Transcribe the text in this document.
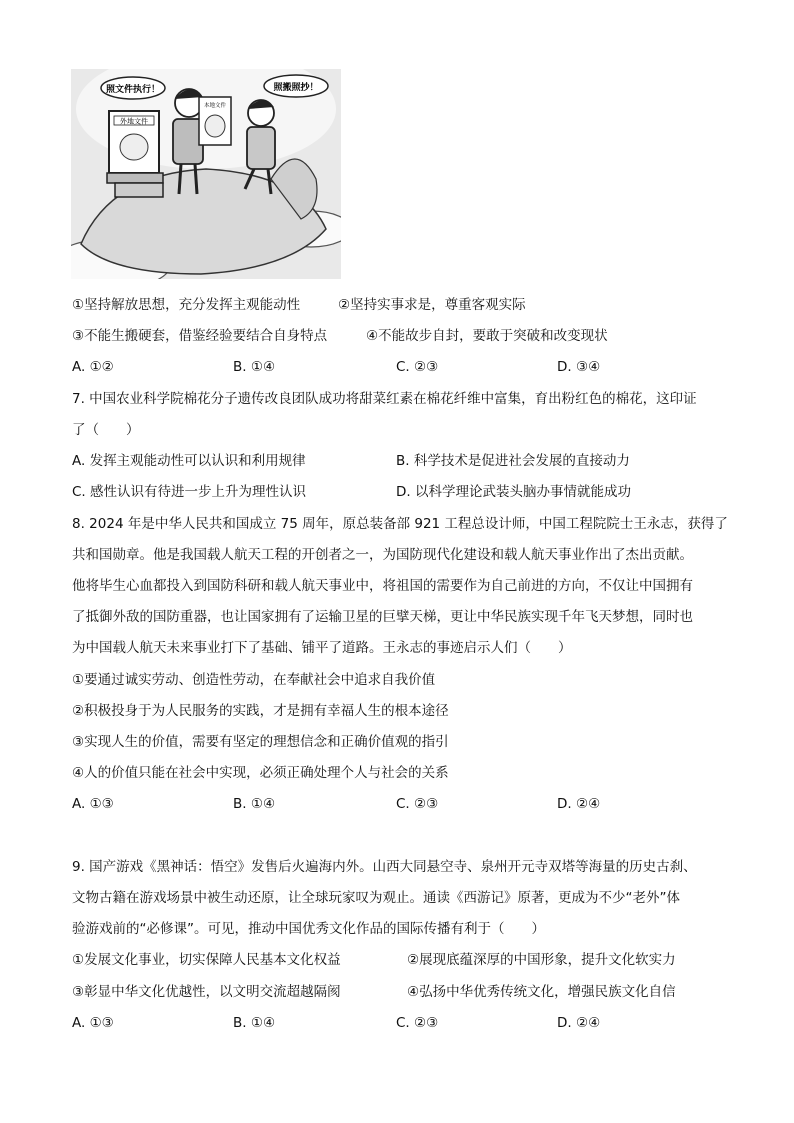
外地文件
本地文件
照文件执行！	照搬照抄！
①坚持解放思想，充分发挥主观能动性	②坚持实事求是，尊重客观实际
③不能生搬硬套，借鉴经验要结合自身特点	④不能故步自封，要敢于突破和改变现状
A. ①②	B. ①④	C. ②③	D. ③④
7. 中国农业科学院棉花分子遗传改良团队成功将甜菜红素在棉花纤维中富集，育出粉红色的棉花，这印证
了（　　）
A. 发挥主观能动性可以认识和利用规律	B. 科学技术是促进社会发展的直接动力
C. 感性认识有待进一步上升为理性认识	D. 以科学理论武装头脑办事情就能成功
8. 2024 年是中华人民共和国成立 75 周年，原总装备部 921 工程总设计师，中国工程院院士王永志，获得了
共和国勋章。他是我国载人航天工程的开创者之一，为国防现代化建设和载人航天事业作出了杰出贡献。
他将毕生心血都投入到国防科研和载人航天事业中，将祖国的需要作为自己前进的方向，不仅让中国拥有
了抵御外敌的国防重器，也让国家拥有了运输卫星的巨擘天梯，更让中华民族实现千年飞天梦想，同时也
为中国载人航天未来事业打下了基础、铺平了道路。王永志的事迹启示人们（　　）
①要通过诚实劳动、创造性劳动，在奉献社会中追求自我价值
②积极投身于为人民服务的实践，才是拥有幸福人生的根本途径
③实现人生的价值，需要有坚定的理想信念和正确价值观的指引
④人的价值只能在社会中实现，必须正确处理个人与社会的关系
A. ①③	B. ①④	C. ②③	D. ②④
9. 国产游戏《黑神话：悟空》发售后火遍海内外。山西大同悬空寺、泉州开元寺双塔等海量的历史古刹、
文物古籍在游戏场景中被生动还原，让全球玩家叹为观止。通读《西游记》原著，更成为不少“老外”体
验游戏前的“必修课”。可见，推动中国优秀文化作品的国际传播有利于（　　）
①发展文化事业，切实保障人民基本文化权益	②展现底蕴深厚的中国形象，提升文化软实力
③彰显中华文化优越性，以文明交流超越隔阂	④弘扬中华优秀传统文化，增强民族文化自信
A. ①③	B. ①④	C. ②③	D. ②④
